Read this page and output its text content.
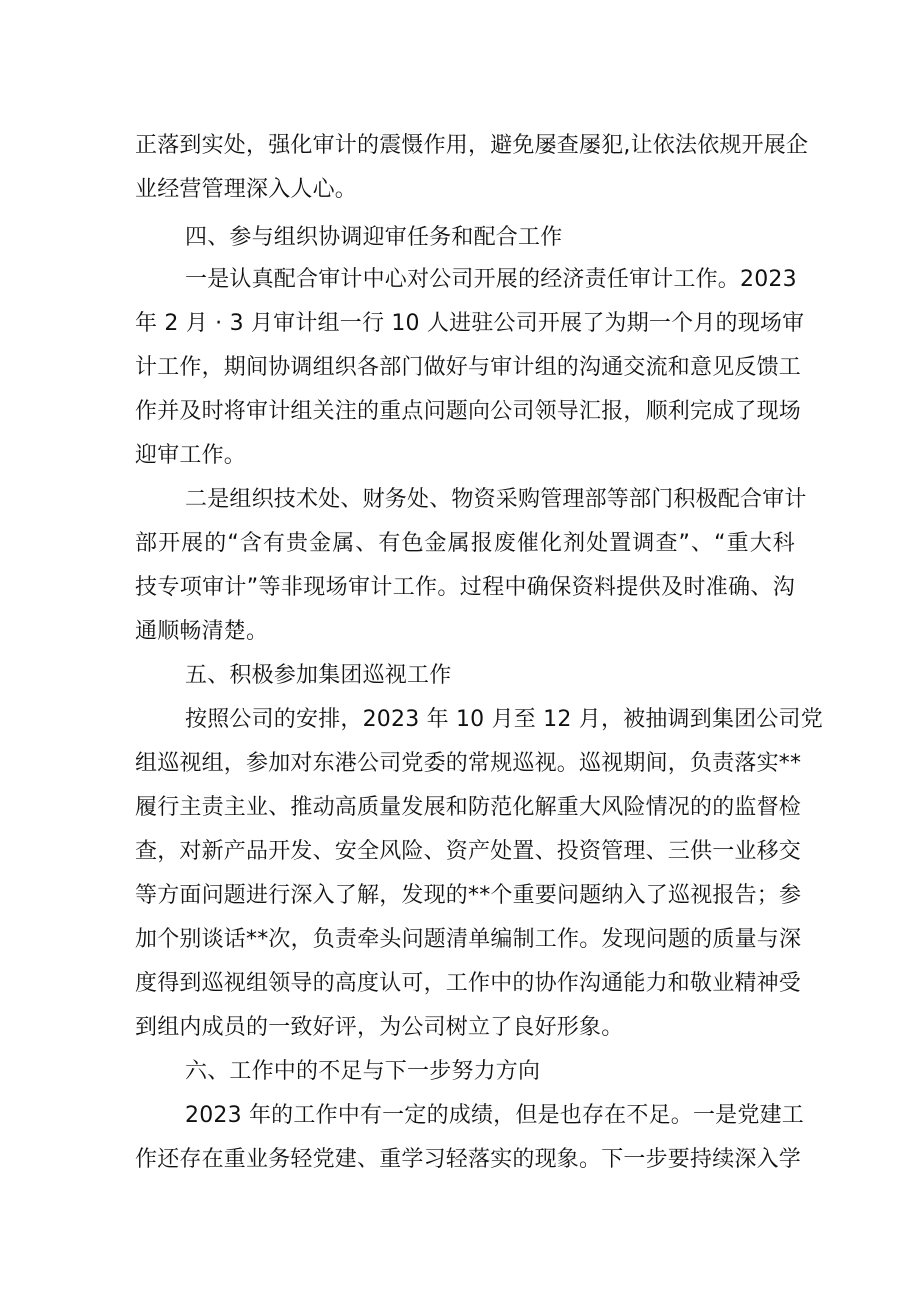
正落到实处，强化审计的震慑作用，避免屡查屡犯,让依法依规开展企
业经营管理深入人心。
四、参与组织协调迎审任务和配合工作
一是认真配合审计中心对公司开展的经济责任审计工作。2023
年 2 月 · 3 月审计组一行 10 人进驻公司开展了为期一个月的现场审
计工作，期间协调组织各部门做好与审计组的沟通交流和意见反馈工
作并及时将审计组关注的重点问题向公司领导汇报，顺利完成了现场
迎审工作。
二是组织技术处、财务处、物资采购管理部等部门积极配合审计
部开展的“含有贵金属、有色金属报废催化剂处置调查”、“重大科
技专项审计”等非现场审计工作。过程中确保资料提供及时准确、沟
通顺畅清楚。
五、积极参加集团巡视工作
按照公司的安排，2023 年 10 月至 12 月，被抽调到集团公司党
组巡视组，参加对东港公司党委的常规巡视。巡视期间，负责落实**
履行主责主业、推动高质量发展和防范化解重大风险情况的的监督检
查，对新产品开发、安全风险、资产处置、投资管理、三供一业移交
等方面问题进行深入了解，发现的**个重要问题纳入了巡视报告；参
加个别谈话**次，负责牵头问题清单编制工作。发现问题的质量与深
度得到巡视组领导的高度认可，工作中的协作沟通能力和敬业精神受
到组内成员的一致好评，为公司树立了良好形象。
六、工作中的不足与下一步努力方向
2023 年的工作中有一定的成绩，但是也存在不足。一是党建工
作还存在重业务轻党建、重学习轻落实的现象。下一步要持续深入学
